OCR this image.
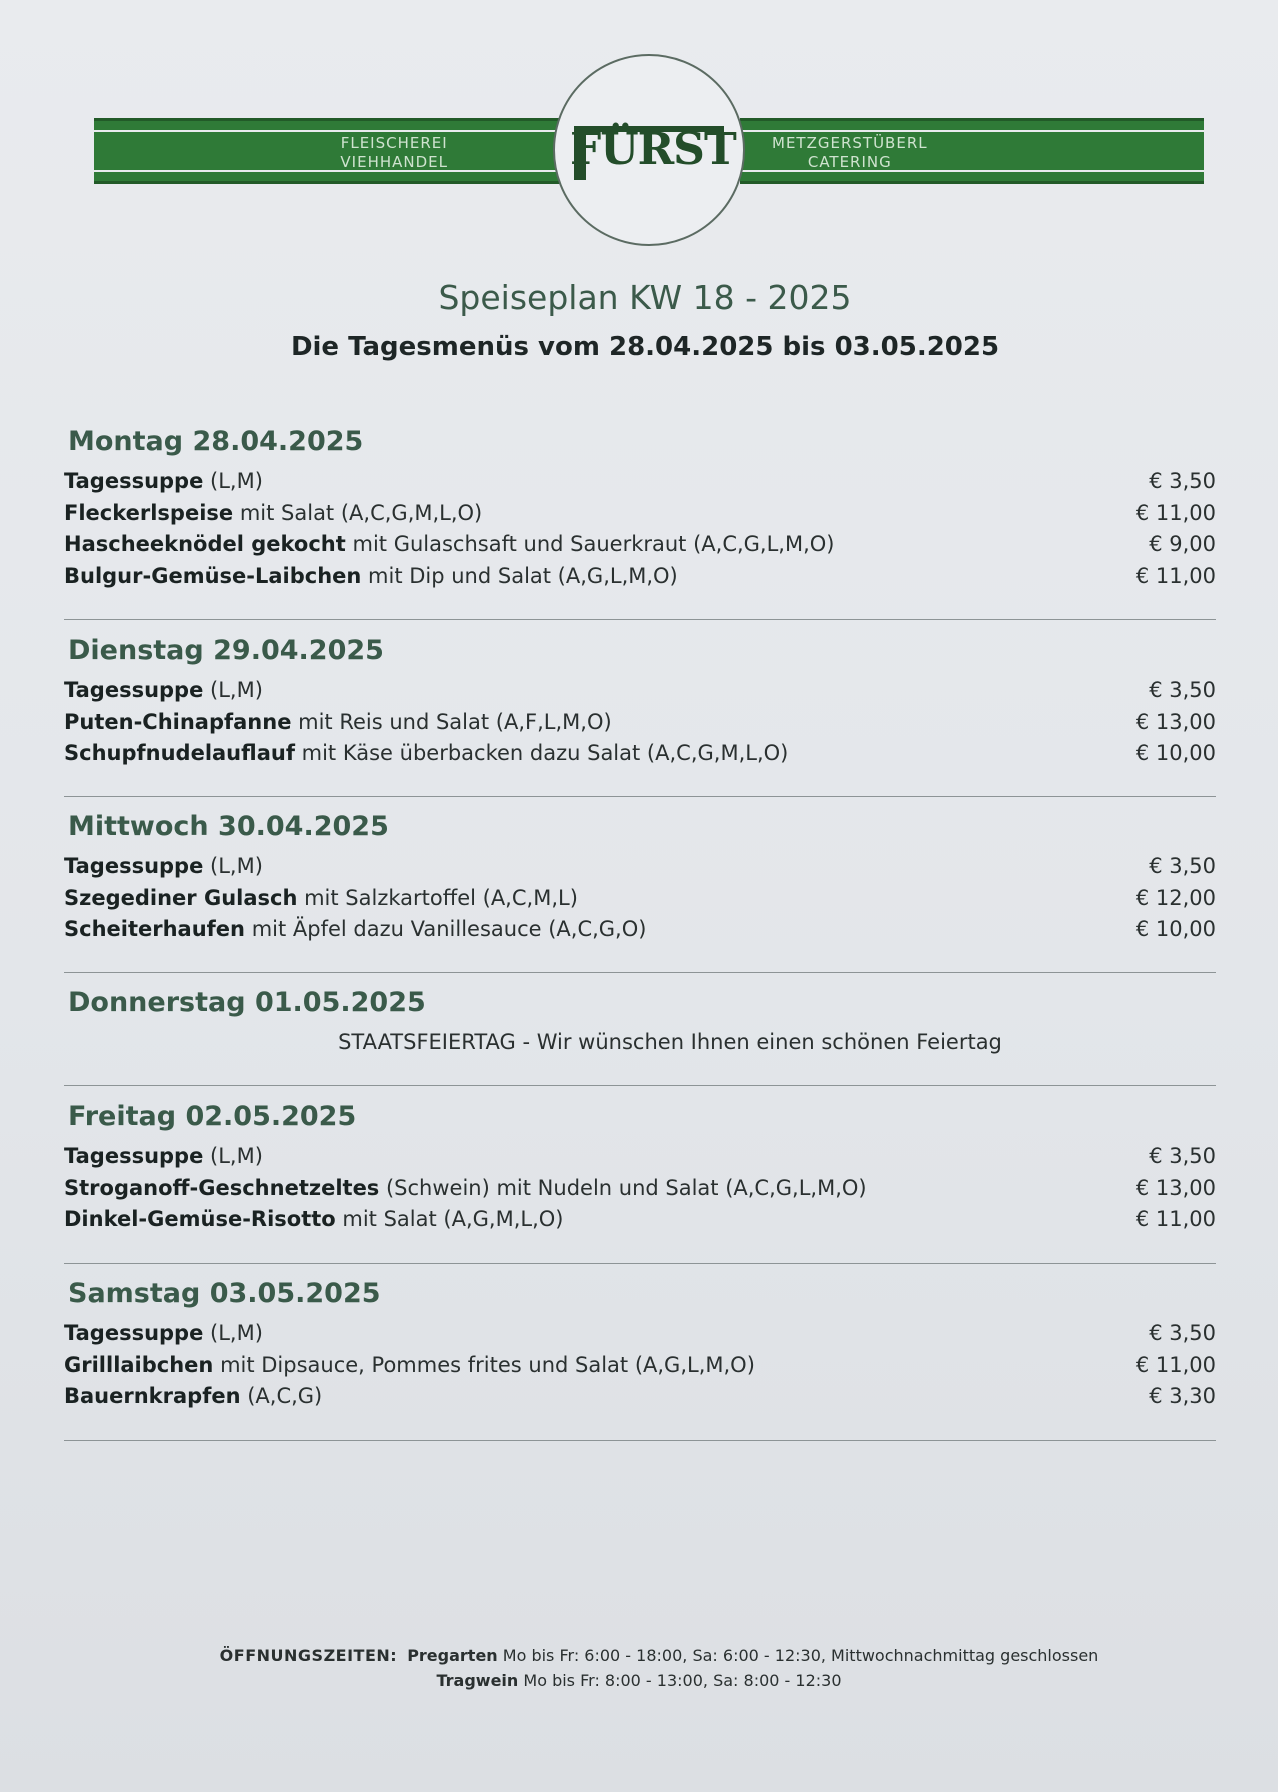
FLEISCHEREI
VIEHHANDEL
METZGERSTÜBERL
CATERING
FÜRST
Speiseplan KW 18 - 2025
Die Tagesmenüs vom 28.04.2025 bis 03.05.2025
Montag 28.04.2025
Tagessuppe (L,M)	€ 3,50
Fleckerlspeise mit Salat (A,C,G,M,L,O)	€ 11,00
Hascheeknödel gekocht mit Gulaschsaft und Sauerkraut (A,C,G,L,M,O)	€ 9,00
Bulgur-Gemüse-Laibchen mit Dip und Salat (A,G,L,M,O)	€ 11,00
Dienstag 29.04.2025
Tagessuppe (L,M)	€ 3,50
Puten-Chinapfanne mit Reis und Salat (A,F,L,M,O)	€ 13,00
Schupfnudelauflauf mit Käse überbacken dazu Salat (A,C,G,M,L,O)	€ 10,00
Mittwoch 30.04.2025
Tagessuppe (L,M)	€ 3,50
Szegediner Gulasch mit Salzkartoffel (A,C,M,L)	€ 12,00
Scheiterhaufen mit Äpfel dazu Vanillesauce (A,C,G,O)	€ 10,00
Donnerstag 01.05.2025
STAATSFEIERTAG - Wir wünschen Ihnen einen schönen Feiertag
Freitag 02.05.2025
Tagessuppe (L,M)	€ 3,50
Stroganoff-Geschnetzeltes (Schwein) mit Nudeln und Salat (A,C,G,L,M,O)	€ 13,00
Dinkel-Gemüse-Risotto mit Salat (A,G,M,L,O)	€ 11,00
Samstag 03.05.2025
Tagessuppe (L,M)	€ 3,50
Grilllaibchen mit Dipsauce, Pommes frites und Salat (A,G,L,M,O)	€ 11,00
Bauernkrapfen (A,C,G)	€ 3,30
ÖFFNUNGSZEITEN: Pregarten Mo bis Fr: 6:00 - 18:00, Sa: 6:00 - 12:30, Mittwochnachmittag geschlossen
Tragwein Mo bis Fr: 8:00 - 13:00, Sa: 8:00 - 12:30
